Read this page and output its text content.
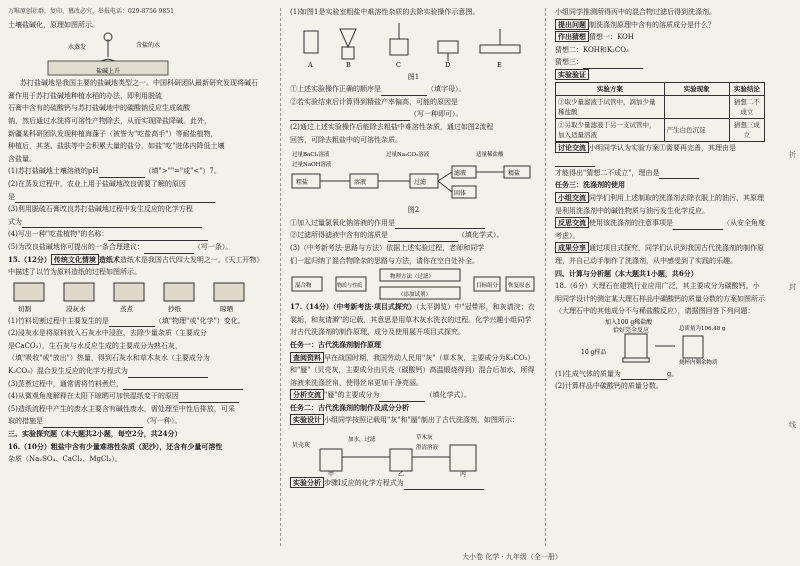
万唯原创社群，复印、篡改必究，举报电话：029-8756 9851

土壤盐碱化，原理如图所示。

水蒸发	含盐的水
盐碱上升

苏打盐碱地是我国主要的盐碱地类型之一。中国科研团队最新研究发现将碱石膏作用于苏打盐碱地种植水稻的办法，即利用脱硫

石膏中含有的硫酸钙与苏打盐碱地中的碳酸钠反应生成硫酸

钠，然后通过水洗将可溶性产物除去，从而实现降盐降碱。此外，

新疆某科研团队发现种植海蓬子（被誉为"吃盐高手"）等耐盐植物，

种植后，其茎、盐肤等中会积累大量的盐分，如盐"吃"进体内降低土壤

含盐量。

(1)苏打盐碱地土壤溶液的pH	（填">""="或"<"）7。

(2)在蒸发过程中，农业上用于盐碱地改良需要了解的原因

是

(3)利用脱硫石膏改良苏打盐碱地过程中发生反应的化学方程

式为

(4)写出一种"吃盐植物"的名称：

(5)为改良盐碱地你可提出的一条合理建议：	（写一条）。

15.（12分） 传统文化情境 造纸术造纸术是我国古代四大发明之一。《天工开物》中描述了以竹为原料造纸的过程如图所示。

切割	浸灰水	蒸煮	抄纸	晾晒

(1)竹料切割过程中主要发生的是	（填"物理"或"化学"）变化。

(2)浸灰水是将原料放入石灰水中浸泡，去除少量杂质（主要成分

是CaCO₃），生石灰与水反应生成的主要成分为熟石灰，

（填"吸收"或"放出"）热量，得到石灰水和草木灰水（主要成分为

K₂CO₃）混合发生反应的化学方程式为

(3)蒸煮过程中，通常需将竹料煮烂，

(4)从微观角度解释在太阳下晾晒可加快湿纸变干的原因

(5)造纸流程中产生的废水主要含有碱性废水，需处理至中性后排放，可采

取的措施是	（写一种）。

三、实验探究题（本大题共2小题，每空2分，共24分）

16.（10分）粗盐中含有少量难溶性杂质（泥沙），还含有少量可溶性

杂质（Na₂SO₄、CaCl₂、MgCl₂）。

(1)如图1是实验室粗盐中难溶性杂质的去除实验操作示意图。

A	B	C	D	E

图1

①上述实验操作正确的顺序是	（填字母）。

②若实验结束后计算得到精盐产率偏高，可能的原因是

（写一种即可）。

(2)通过上述实验操作后能除去粗盐中难溶性杂质，通过如图2流程

回答，可除去粗盐中的可溶性杂质。

粗盐	溶液	过滤
滤液
固体
精盐
过量BaCl₂溶液
过量NaOH溶液
过量Na₂CO₃溶液	适量稀盐酸

图2

①加入过量氯氧化钠溶液的作用是

②过滤所得滤液中含有的溶质是	（填化学式）。

(3)（中考新考法·思路与方法）依据上述实验过程，老师和同学

们一起归纳了混合物除杂的思路与方法，请你在空白处补全。

混合物	物质与性质
物理方法（过滤）
（添加试剂）
目标组分 恢复原态

17.（14分）（中考新考法·项目式探究）（太平御览）中"冠带形，和灰请浣；衣裳垢，和灰请澣"的记载，其意思是用草木灰水洗衣的过程。化学兴趣小组同学对古代洗涤剂的制作原理、成分及使用展开项目式探究。

任务一：古代洗涤剂制作原理

查阅资料 早在战国时期，我国劳动人民用"灰"（草木灰，主要成分为K₂CO₃）和"蜃"（贝壳灰，主要成分由贝壳（碳酸钙）高温煅烧得到）混合后加水，所得溶液来洗涤丝帛，使得丝帛更加干净亮丽。

分析交流 "蜃"的主要成分为	（填化学式）。

任务二：古代洗涤剂的制作及成分分析

实验设计 小组同学按照记载用"灰"和"蜃"制出了古代洗涤剂，如图所示：

贝壳灰
加水，过滤	草木灰
澄清溶液
甲	乙	丙

实验分析 步骤Ⅰ反应的化学方程式为

小组同学推测所得丙中的混合物过滤后得到洗涤剂。

提出问题 制洗涤剂原理中含有的溶质成分是什么？

作出猜想 猜想一：KOH

猜想二：KOH和K₂CO₃

猜想三：

实验验证

实验方案	实验现象	实验结论
①取少量滤液于试管中，滴加少量稀盐酸		猜想二不成立
②另取少量滤液于另一支试管中，加入适量溶液	产生白色沉淀	猜想三成立

讨论交流 小明同学认为实验方案①需要再完善，其理由是

才能得出"猜想二不成立"，理由是

任务三：洗涤剂的使用

小组交流 同学们利用上述制取的洗涤剂去除衣服上的油污，其原理是利用洗涤剂中的碱性物质与油污发生化学反应。

反思交流 使用该洗涤剂的注意事项是	（从安全角度考虑）。

成果分享 通过项目式探究，同学们认识到我国古代洗涤剂的制作原理，并自己动手制作了洗涤剂，从中感受到了实践的乐趣。

四、计算与分析题（本大题共1小题，共6分）

18.（6分）大理石在建筑行业应用广泛，其主要成分为碳酸钙。小明同学设计的测定某大理石样品中碳酸钙的质量分数的方案如图所示（大理石中的其他成分不与稀盐酸反应），请据图回答下列问题：

加入100 g稀盐酸
恰好完全反应
10 g样品
烧杯内剩余物质
总质量为106.48 g

(1)生成气体的质量为	g。

(2)计算样品中碳酸钙的质量分数。

折
封
线
大小卷 化学 · 九年级（全一册）
